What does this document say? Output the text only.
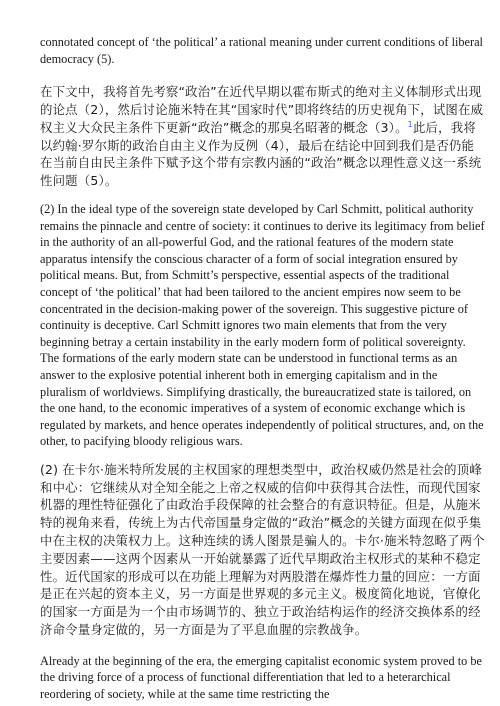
connotated concept of ‘the political’ a rational meaning under current conditions of liberal democracy (5).

在下文中，我将首先考察“政治”在近代早期以霍布斯式的绝对主义体制形式出现的论点（2），然后讨论施米特在其“国家时代”即将终结的历史视角下，试图在威权主义大众民主条件下更新“政治”概念的那臭名昭著的概念（3）。$^1$此后，我将以约翰·罗尔斯的政治自由主义作为反例（4），最后在结论中回到我们是否仍能在当前自由民主条件下赋予这个带有宗教内涵的“政治”概念以理性意义这一系统性问题（5）。

(2) In the ideal type of the sovereign state developed by Carl Schmitt, political authority remains the pinnacle and centre of society: it continues to derive its legitimacy from belief in the authority of an all-powerful God, and the rational features of the modern state apparatus intensify the conscious character of a form of social integration ensured by political means. But, from Schmitt’s perspective, essential aspects of the traditional concept of ‘the political’ that had been tailored to the ancient empires now seem to be concentrated in the decision-making power of the sovereign. This suggestive picture of continuity is deceptive. Carl Schmitt ignores two main elements that from the very beginning betray a certain instability in the early modern form of political sovereignty. The formations of the early modern state can be understood in functional terms as an answer to the explosive potential inherent both in emerging capitalism and in the pluralism of worldviews. Simplifying drastically, the bureaucratized state is tailored, on the one hand, to the economic imperatives of a system of economic exchange which is regulated by markets, and hence operates independently of political structures, and, on the other, to pacifying bloody religious wars.

(2) 在卡尔·施米特所发展的主权国家的理想类型中，政治权威仍然是社会的顶峰和中心：它继续从对全知全能之上帝之权威的信仰中获得其合法性，而现代国家机器的理性特征强化了由政治手段保障的社会整合的有意识特征。但是，从施米特的视角来看，传统上为古代帝国量身定做的“政治”概念的关键方面现在似乎集中在主权的决策权力上。这种连续的诱人图景是骗人的。卡尔·施米特忽略了两个主要因素——这两个因素从一开始就暴露了近代早期政治主权形式的某种不稳定性。近代国家的形成可以在功能上理解为对两股潜在爆炸性力量的回应：一方面是正在兴起的资本主义，另一方面是世界观的多元主义。极度简化地说，官僚化的国家一方面是为一个由市场调节的、独立于政治结构运作的经济交换体系的经济命令量身定做的，另一方面是为了平息血腥的宗教战争。

Already at the beginning of the era, the emerging capitalist economic system proved to be the driving force of a process of functional differentiation that led to a heterarchical reordering of society, while at the same time restricting the
